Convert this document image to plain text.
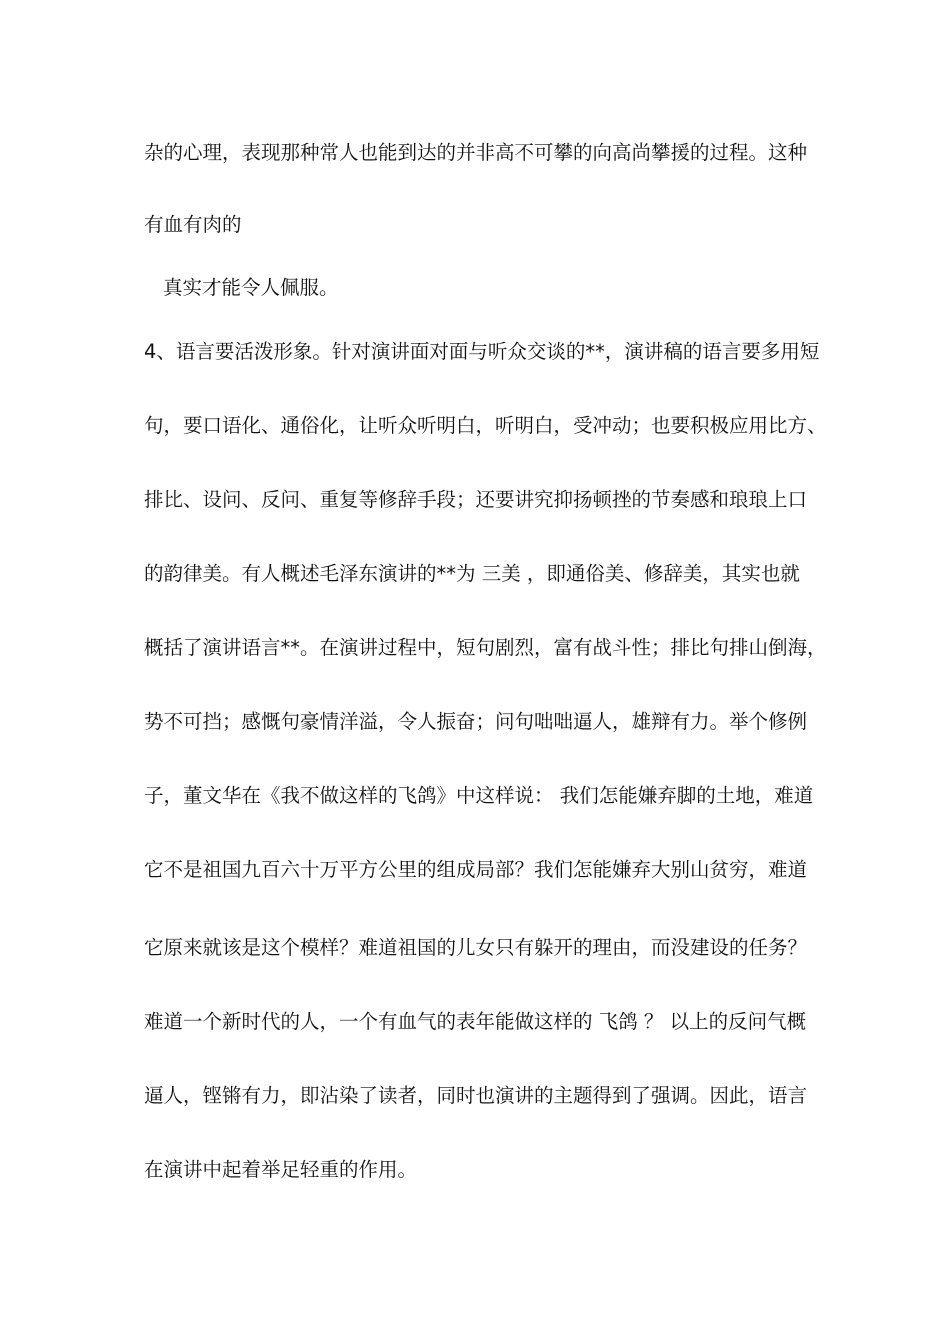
杂的心理，表现那种常人也能到达的并非高不可攀的向高尚攀援的过程。这种
有血有肉的
真实才能令人佩服。
4、语言要活泼形象。针对演讲面对面与听众交谈的**，演讲稿的语言要多用短
句，要口语化、通俗化，让听众听明白，听明白，受冲动；也要积极应用比方、
排比、设问、反问、重复等修辞手段；还要讲究抑扬顿挫的节奏感和琅琅上口
的韵律美。有人概述毛泽东演讲的**为 三美 ，即通俗美、修辞美，其实也就
概括了演讲语言**。在演讲过程中，短句剧烈，富有战斗性；排比句排山倒海，
势不可挡；感慨句豪情洋溢，令人振奋；问句咄咄逼人，雄辩有力。举个修例
子，董文华在《我不做这样的飞鸽》中这样说： 我们怎能嫌弃脚的土地，难道
它不是祖国九百六十万平方公里的组成局部？我们怎能嫌弃大别山贫穷，难道
它原来就该是这个模样？难道祖国的儿女只有躲开的理由，而没建设的任务？
难道一个新时代的人，一个有血气的表年能做这样的 飞鸽 ？ 以上的反问气概
逼人，铿锵有力，即沾染了读者，同时也演讲的主题得到了强调。因此，语言
在演讲中起着举足轻重的作用。
